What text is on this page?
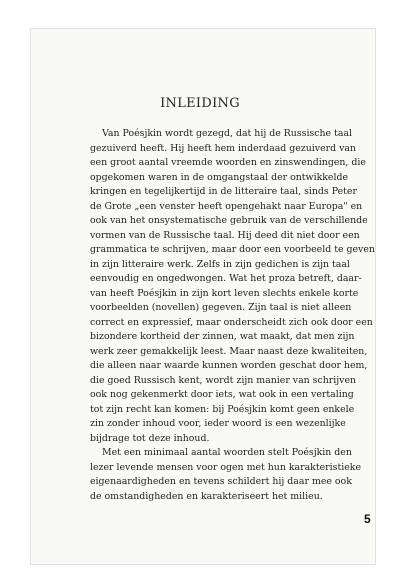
INLEIDING

Van Poésjkin wordt gezegd, dat hij de Russische taal
gezuiverd heeft. Hij heeft hem inderdaad gezuiverd van
een groot aantal vreemde woorden en zinswendingen, die
opgekomen waren in de omgangstaal der ontwikkelde
kringen en tegelijkertijd in de litteraire taal, sinds Peter
de Grote „een venster heeft opengehakt naar Europa" en
ook van het onsystematische gebruik van de verschillende
vormen van de Russische taal. Hij deed dit niet door een
grammatica te schrijven, maar door een voorbeeld te geven
in zijn litteraire werk. Zelfs in zijn gedichen is zijn taal
eenvoudig en ongedwongen. Wat het proza betreft, daar-
van heeft Poésjkin in zijn kort leven slechts enkele korte
voorbeelden (novellen) gegeven. Zijn taal is niet alleen
correct en expressief, maar onderscheidt zich ook door een
bizondere kortheid der zinnen, wat maakt, dat men zijn
werk zeer gemakkelijk leest. Maar naast deze kwaliteiten,
die alleen naar waarde kunnen worden geschat door hem,
die goed Russisch kent, wordt zijn manier van schrijven
ook nog gekenmerkt door iets, wat ook in een vertaling
tot zijn recht kan komen: bij Poésjkin komt geen enkele
zin zonder inhoud voor, ieder woord is een wezenlijke
bijdrage tot deze inhoud.

Met een minimaal aantal woorden stelt Poésjkin den
lezer levende mensen voor ogen met hun karakteristieke
eigenaardigheden en tevens schildert hij daar mee ook
de omstandigheden en karakteriseert het milieu.

5
